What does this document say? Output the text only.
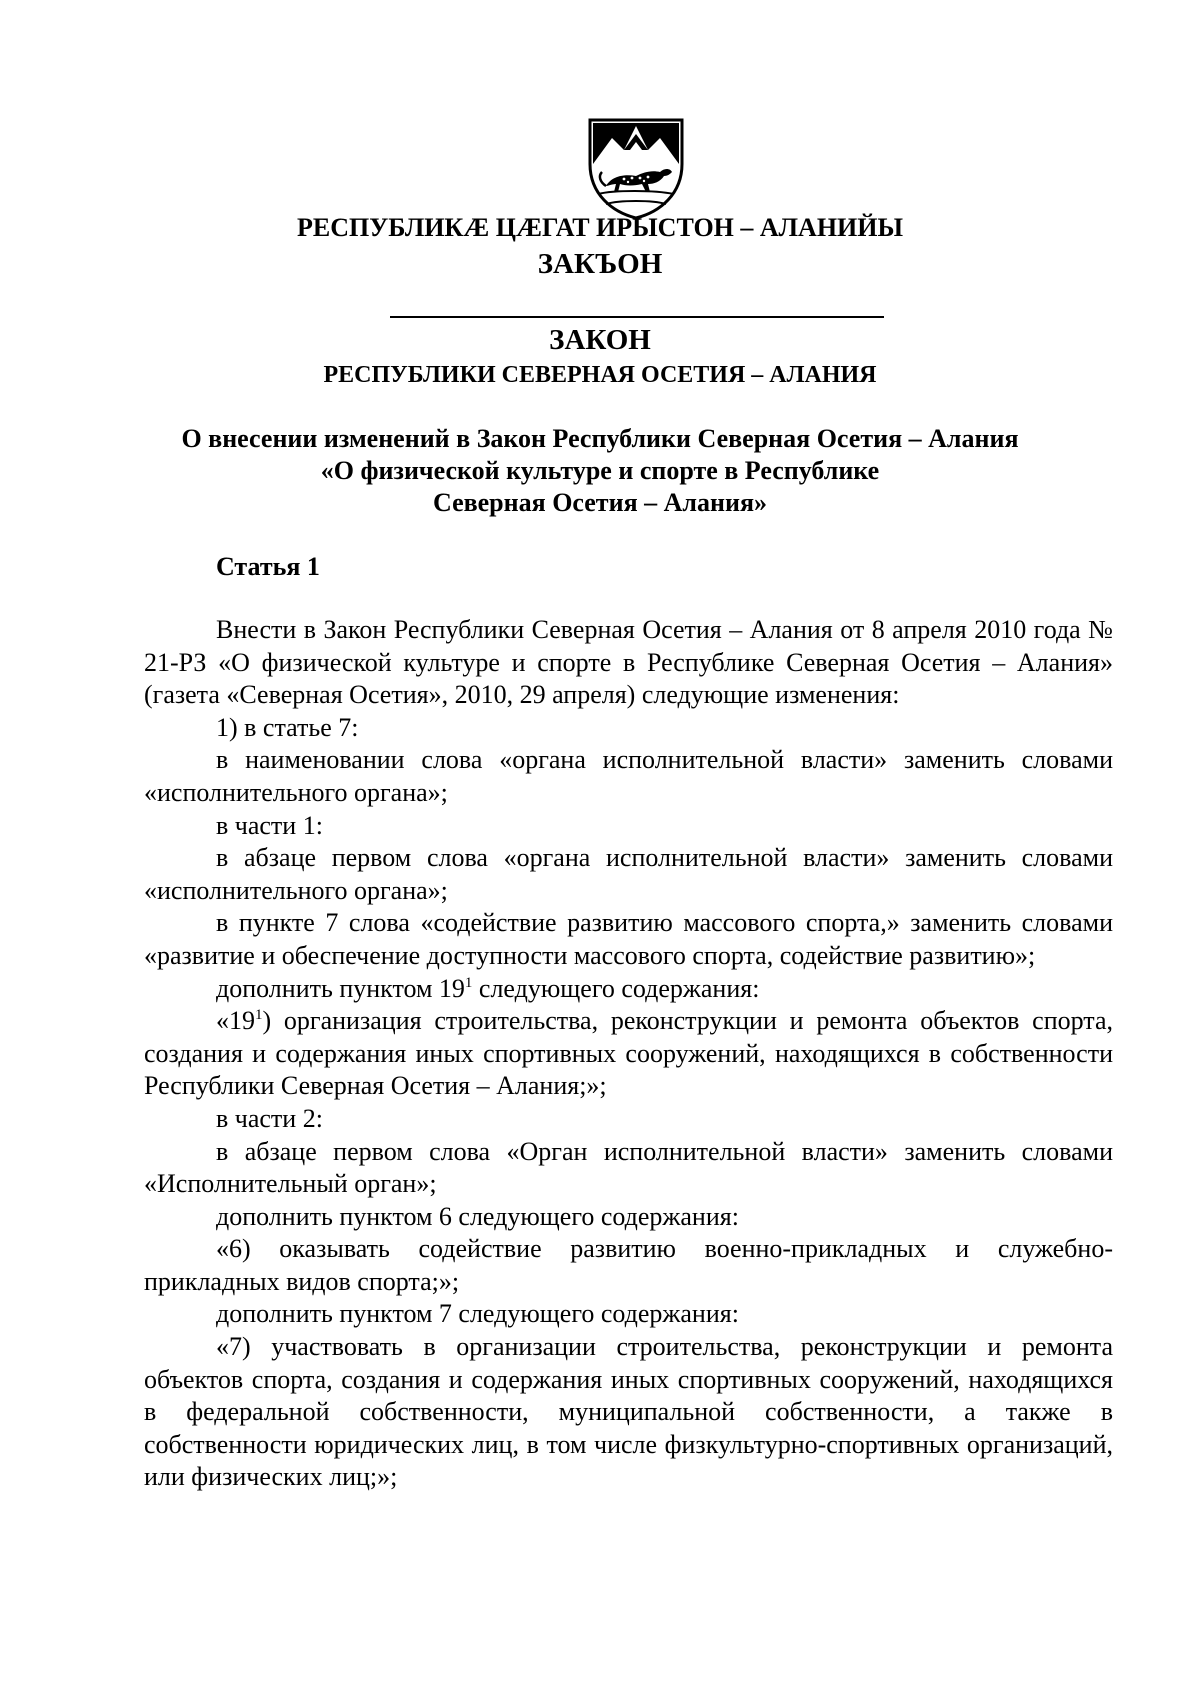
РЕСПУБЛИКӔ ЦӔГАТ ИРЫСТОН – АЛАНИЙЫ
ЗАКЪОН
ЗАКОН
РЕСПУБЛИКИ СЕВЕРНАЯ ОСЕТИЯ – АЛАНИЯ
О внесении изменений в Закон Республики Северная Осетия – Алания
«О физической культуре и спорте в Республике
Северная Осетия – Алания»
Статья 1

Внести в Закон Республики Северная Осетия – Алания от 8 апреля 2010 года № 21-РЗ «О физической культуре и спорте в Республике Северная Осетия – Алания» (газета «Северная Осетия», 2010, 29 апреля) следующие изменения:

1) в статье 7:

в наименовании слова «органа исполнительной власти» заменить словами «исполнительного органа»;

в части 1:

в абзаце первом слова «органа исполнительной власти» заменить словами «исполнительного органа»;

в пункте 7 слова «содействие развитию массового спорта,» заменить словами «развитие и обеспечение доступности массового спорта, содействие развитию»;

дополнить пунктом $19^1$ следующего содержания:

«$19^1$) организация строительства, реконструкции и ремонта объектов спорта, создания и содержания иных спортивных сооружений, находящихся в собственности Республики Северная Осетия – Алания;»;

в части 2:

в абзаце первом слова «Орган исполнительной власти» заменить словами «Исполнительный орган»;

дополнить пунктом 6 следующего содержания:

«6) оказывать содействие развитию военно-прикладных и служебно-прикладных видов спорта;»;

дополнить пунктом 7 следующего содержания:

«7) участвовать в организации строительства, реконструкции и ремонта объектов спорта, создания и содержания иных спортивных сооружений, находящихся в федеральной собственности, муниципальной собственности, а также в собственности юридических лиц, в том числе физкультурно-спортивных организаций, или физических лиц;»;
